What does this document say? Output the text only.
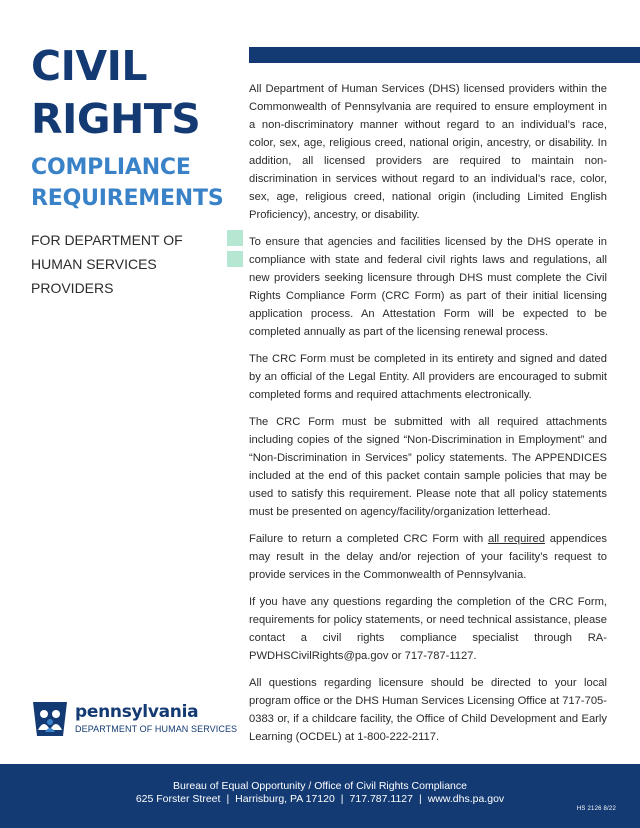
CIVIL
RIGHTS
COMPLIANCE
REQUIREMENTS
FOR DEPARTMENT OF
HUMAN SERVICES
PROVIDERS

All Department of Human Services (DHS) licensed providers within the Commonwealth of Pennsylvania are required to ensure employment in a non-discriminatory manner without regard to an individual’s race, color, sex, age, religious creed, national origin, ancestry, or disability. In addition, all licensed providers are required to maintain non-discrimination in services without regard to an individual’s race, color, sex, age, religious creed, national origin (including Limited English Proficiency), ancestry, or disability.

To ensure that agencies and facilities licensed by the DHS operate in compliance with state and federal civil rights laws and regulations, all new providers seeking licensure through DHS must complete the Civil Rights Compliance Form (CRC Form) as part of their initial licensing application process. An Attestation Form will be expected to be completed annually as part of the licensing renewal process.

The CRC Form must be completed in its entirety and signed and dated by an official of the Legal Entity. All providers are encouraged to submit completed forms and required attachments electronically.

The CRC Form must be submitted with all required attachments including copies of the signed “Non-Discrimination in Employment” and “Non-Discrimination in Services” policy statements. The APPENDICES included at the end of this packet contain sample policies that may be used to satisfy this requirement. Please note that all policy statements must be presented on agency/facility/organization letterhead.

Failure to return a completed CRC Form with all required appendices may result in the delay and/or rejection of your facility’s request to provide services in the Commonwealth of Pennsylvania.

If you have any questions regarding the completion of the CRC Form, requirements for policy statements, or need technical assistance, please contact a civil rights compliance specialist through RA-PWDHSCivilRights@pa.gov or 717-787-1127.

All questions regarding licensure should be directed to your local program office or the DHS Human Services Licensing Office at 717-705-0383 or, if a childcare facility, the Office of Child Development and Early Learning (OCDEL) at 1-800-222-2117.

pennsylvania
DEPARTMENT OF HUMAN SERVICES
Bureau of Equal Opportunity / Office of Civil Rights Compliance
625 Forster Street | Harrisburg, PA 17120 | 717.787.1127 | www.dhs.pa.gov
HS 2126 8/22
